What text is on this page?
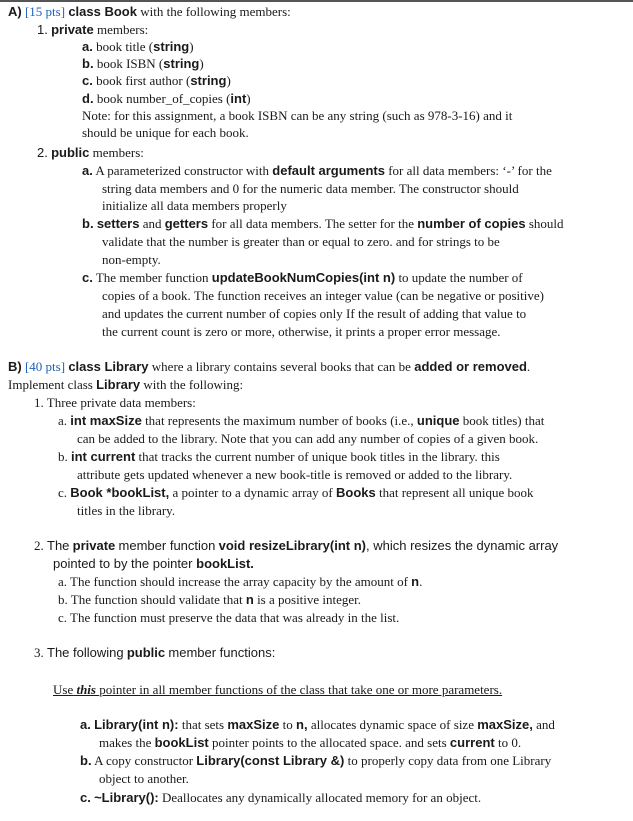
A) [15 pts] class Book with the following members:
1. private members:
a. book title (string)
b. book ISBN (string)
c. book first author (string)
d. book number_of_copies (int)
Note: for this assignment, a book ISBN can be any string (such as 978-3-16) and it
should be unique for each book.
2. public members:
a. A parameterized constructor with default arguments for all data members: ‘-’ for the
string data members and 0 for the numeric data member. The constructor should
initialize all data members properly
b. setters and getters for all data members. The setter for the number of copies should
validate that the number is greater than or equal to zero. and for strings to be
non-empty.
c. The member function updateBookNumCopies(int n) to update the number of
copies of a book. The function receives an integer value (can be negative or positive)
and updates the current number of copies only If the result of adding that value to
the current count is zero or more, otherwise, it prints a proper error message.
B) [40 pts] class Library where a library contains several books that can be added or removed.
Implement class Library with the following:
1. Three private data members:
a. int maxSize that represents the maximum number of books (i.e., unique book titles) that
can be added to the library. Note that you can add any number of copies of a given book.
b. int current that tracks the current number of unique book titles in the library. this
attribute gets updated whenever a new book-title is removed or added to the library.
c. Book *bookList, a pointer to a dynamic array of Books that represent all unique book
titles in the library.
2. The private member function void resizeLibrary(int n), which resizes the dynamic array
pointed to by the pointer bookList.
a. The function should increase the array capacity by the amount of n.
b. The function should validate that n is a positive integer.
c. The function must preserve the data that was already in the list.
3. The following public member functions:
Use this pointer in all member functions of the class that take one or more parameters.
a. Library(int n): that sets maxSize to n, allocates dynamic space of size maxSize, and
makes the bookList pointer points to the allocated space. and sets current to 0.
b. A copy constructor Library(const Library &) to properly copy data from one Library
object to another.
c. ~Library(): Deallocates any dynamically allocated memory for an object.
